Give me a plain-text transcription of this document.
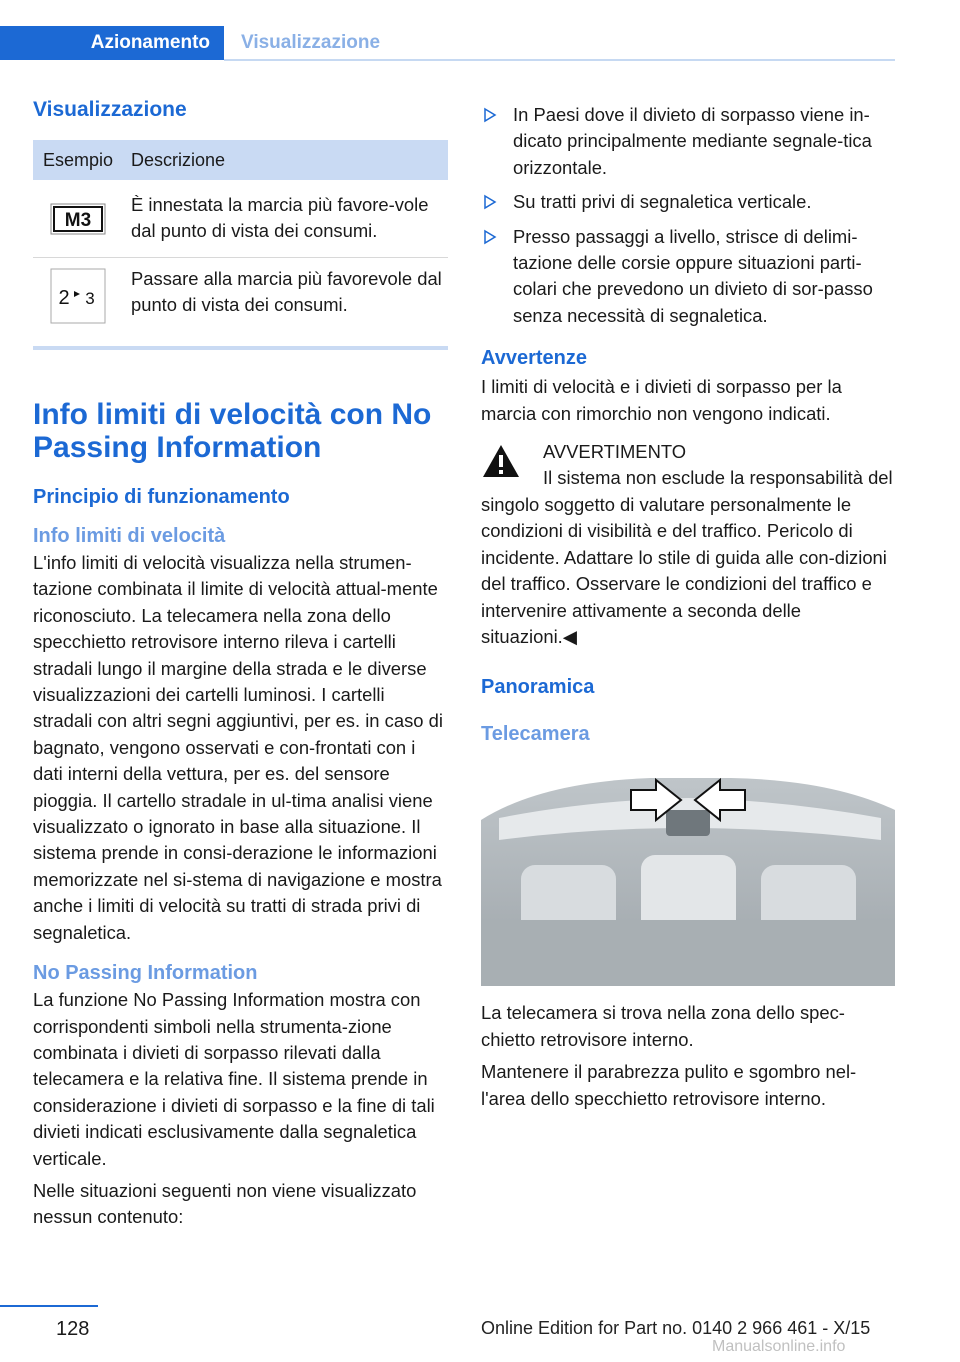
Azionamento	Visualizzazione
Visualizzazione
Esempio Descrizione
M3
È innestata la marcia più favore-vole dal punto di vista dei consumi.
2 3
Passare alla marcia più favorevole dal punto di vista dei consumi.
Info limiti di velocità con No Passing Information
Principio di funzionamento
Info limiti di velocità

L'info limiti di velocità visualizza nella strumen-tazione combinata il limite di velocità attual-mente riconosciuto. La telecamera nella zona dello specchietto retrovisore interno rileva i cartelli stradali lungo il margine della strada e le diverse visualizzazioni dei cartelli luminosi. I cartelli stradali con altri segni aggiuntivi, per es. in caso di bagnato, vengono osservati e con-frontati con i dati interni della vettura, per es. del sensore pioggia. Il cartello stradale in ul-tima analisi viene visualizzato o ignorato in base alla situazione. Il sistema prende in consi-derazione le informazioni memorizzate nel si-stema di navigazione e mostra anche i limiti di velocità su tratti di strada privi di segnaletica.

No Passing Information

La funzione No Passing Information mostra con corrispondenti simboli nella strumenta-zione combinata i divieti di sorpasso rilevati dalla telecamera e la relativa fine. Il sistema prende in considerazione i divieti di sorpasso e la fine di tali divieti indicati esclusivamente dalla segnaletica verticale.

Nelle situazioni seguenti non viene visualizzato nessun contenuto:

In Paesi dove il divieto di sorpasso viene in-dicato principalmente mediante segnale-tica orizzontale.
Su tratti privi di segnaletica verticale.
Presso passaggi a livello, strisce di delimi-tazione delle corsie oppure situazioni parti-colari che prevedono un divieto di sor-passo senza necessità di segnaletica.
Avvertenze

I limiti di velocità e i divieti di sorpasso per la marcia con rimorchio non vengono indicati.

AVVERTIMENTO
Il sistema non esclude la responsabilità del singolo soggetto di valutare personalmente le condizioni di visibilità e del traffico. Pericolo di incidente. Adattare lo stile di guida alle con-dizioni del traffico. Osservare le condizioni del traffico e intervenire attivamente a seconda delle situazioni.◀
Panoramica
Telecamera

La telecamera si trova nella zona dello spec-chietto retrovisore interno.

Mantenere il parabrezza pulito e sgombro nel-l'area dello specchietto retrovisore interno.

128	Online Edition for Part no. 0140 2 966 461 - X/15
Manualsonline.info
